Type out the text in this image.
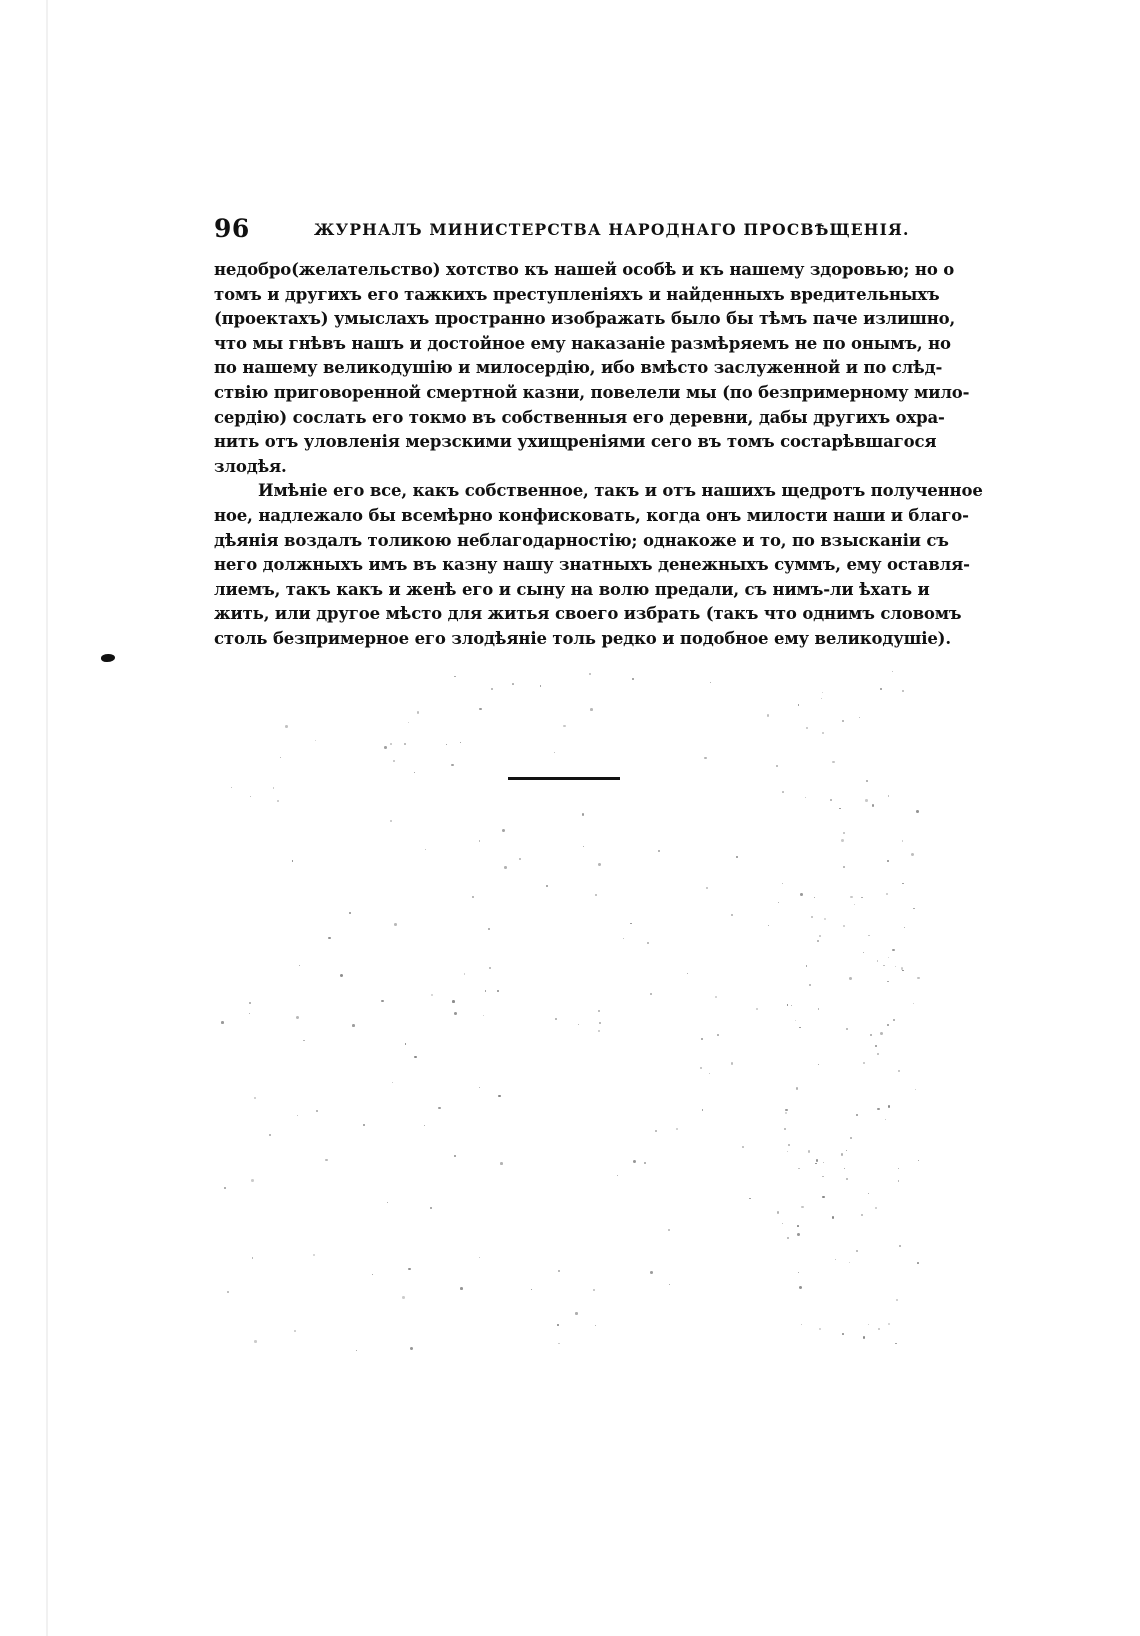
96	ЖУРНАЛЪ МИНИСТЕРСТВА НАРОДНАГО ПРОСВѢЩЕНІЯ.
недобро(желательство) хотство къ нашей особѣ и къ нашему здоровью; но о
томъ и другихъ его тажкихъ преступленіяхъ и найденныхъ вредительныхъ
(проектахъ) умыслахъ пространно изображать было бы тѣмъ паче излишно,
что мы гнѣвъ нашъ и достойное ему наказаніе размѣряемъ не по онымъ, но
по нашему великодушію и милосердію, ибо вмѣсто заслуженной и по слѣд-
ствію приговоренной смертной казни, повелели мы (по безпримерному мило-
сердію) сослать его токмо въ собственныя его деревни, дабы другихъ охра-
нить отъ уловленія мерзскими ухищреніями сего въ томъ состарѣвшагося
злодѣя.
Имѣніе его все, какъ собственное, такъ и отъ нашихъ щедротъ полученное
ное, надлежало бы всемѣрно конфисковать, когда онъ милости наши и благо-
дѣянія воздалъ толикою неблагодарностію; однакоже и то, по взысканіи съ
него должныхъ имъ въ казну нашу знатныхъ денежныхъ суммъ, ему оставля-
лиемъ, такъ какъ и женѣ его и сыну на волю предали, съ нимъ-ли ѣхать и
жить, или другое мѣсто для житья своего избрать (такъ что однимъ словомъ
столь безпримерное его злодѣяніе толь редко и подобное ему великодушіе).
